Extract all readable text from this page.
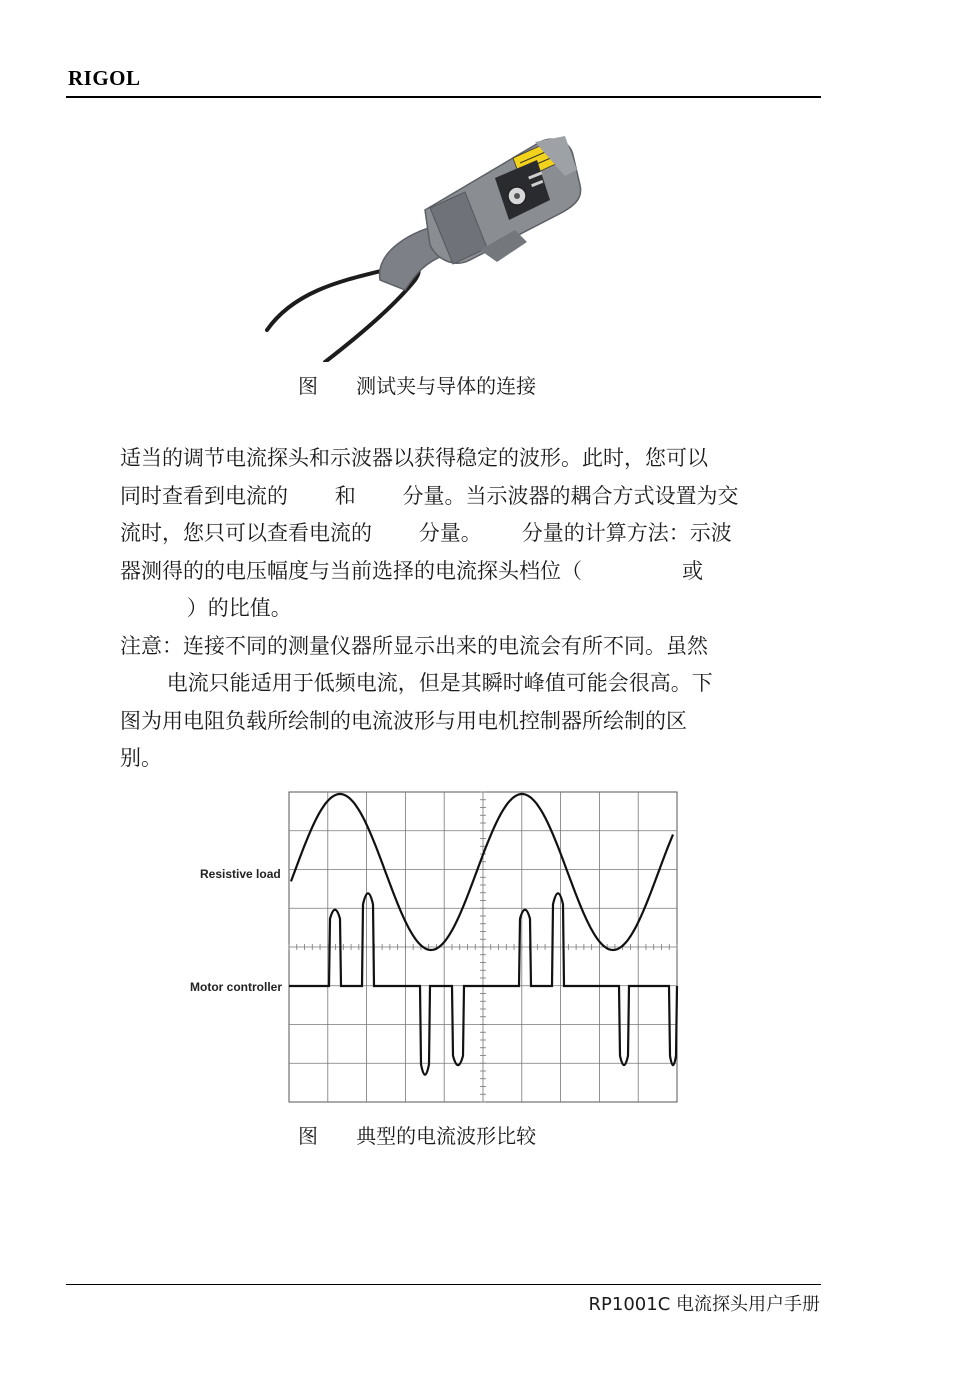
RIGOL
图 测试夹与导体的连接

适当的调节电流探头和示波器以获得稳定的波形。此时，您可以

同时查看到电流的       和       分量。当示波器的耦合方式设置为交

流时，您只可以查看电流的       分量。      分量的计算方法：示波

器测得的的电压幅度与当前选择的电流探头档位（               或

）的比值。

注意：连接不同的测量仪器所显示出来的电流会有所不同。虽然

电流只能适用于低频电流，但是其瞬时峰值可能会很高。下

图为用电阻负载所绘制的电流波形与用电机控制器所绘制的区

别。

Resistive load
Motor controller
图 典型的电流波形比较
RP1001C 电流探头用户手册
